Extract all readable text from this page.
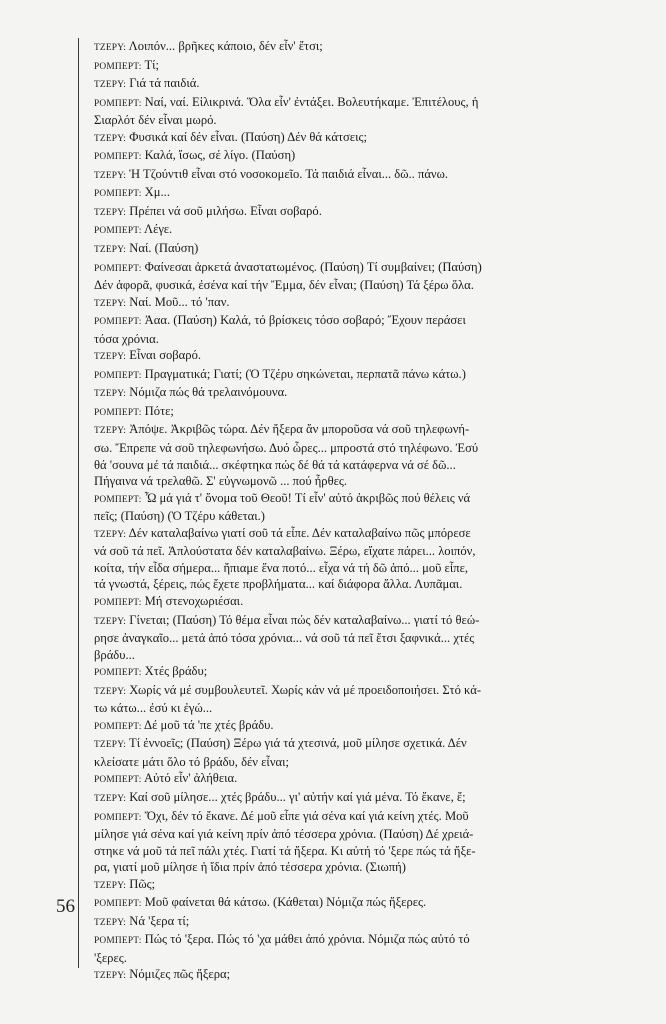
56
ΤΖΕΡΥ: Λοιπόν... βρῆκες κάποιο, δέν εἶν' ἔτσι;
ΡΟΜΠΕΡΤ: Τί;
ΤΖΕΡΥ: Γιά τά παιδιά.
ΡΟΜΠΕΡΤ: Ναί, ναί. Εἰλικρινά. Ὅλα εἶν' ἐντάξει. Βολευτήκαμε. Ἐπιτέλους, ἡ
Σιαρλότ δέν εἶναι μωρό.
ΤΖΕΡΥ: Φυσικά καί δέν εἶναι. (Παύση) Δέν θά κάτσεις;
ΡΟΜΠΕΡΤ: Καλά, ἴσως, σέ λίγο. (Παύση)
ΤΖΕΡΥ: Ἡ Τζούντιθ εἶναι στό νοσοκομεῖο. Τά παιδιά εἶναι... δῶ.. πάνω.
ΡΟΜΠΕΡΤ: Χμ...
ΤΖΕΡΥ: Πρέπει νά σοῦ μιλήσω. Εἶναι σοβαρό.
ΡΟΜΠΕΡΤ: Λέγε.
ΤΖΕΡΥ: Ναί. (Παύση)
ΡΟΜΠΕΡΤ: Φαίνεσαι ἀρκετά ἀναστατωμένος. (Παύση) Τί συμβαίνει; (Παύση)
Δέν ἀφορᾶ, φυσικά, ἐσένα καί τήν Ἔμμα, δέν εἶναι; (Παύση) Τά ξέρω ὅλα.
ΤΖΕΡΥ: Ναί. Μοῦ... τό 'παν.
ΡΟΜΠΕΡΤ: Ἀαα. (Παύση) Καλά, τό βρίσκεις τόσο σοβαρό; Ἔχουν περάσει
τόσα χρόνια.
ΤΖΕΡΥ: Εἶναι σοβαρό.
ΡΟΜΠΕΡΤ: Πραγματικά; Γιατί; (Ὁ Τζέρυ σηκώνεται, περπατᾶ πάνω κάτω.)
ΤΖΕΡΥ: Νόμιζα πώς θά τρελαινόμουνα.
ΡΟΜΠΕΡΤ: Πότε;
ΤΖΕΡΥ: Ἀπόψε. Ἀκριβῶς τώρα. Δέν ἤξερα ἄν μποροῦσα νά σοῦ τηλεφωνή-
σω. Ἔπρεπε νά σοῦ τηλεφωνήσω. Δυό ὧρες... μπροστά στό τηλέφωνο. Ἐσύ
θά 'σουνα μέ τά παιδιά... σκέφτηκα πώς δέ θά τά κατάφερνα νά σέ δῶ...
Πήγαινα νά τρελαθῶ. Σ' εὐγνωμονῶ ... πού ἦρθες.
ΡΟΜΠΕΡΤ: Ὦ μά γιά τ' ὄνομα τοῦ Θεοῦ! Τί εἶν' αὐτό ἀκριβῶς πού θέλεις νά
πεῖς; (Παύση) (Ὁ Τζέρυ κάθεται.)
ΤΖΕΡΥ: Δέν καταλαβαίνω γιατί σοῦ τά εἶπε. Δέν καταλαβαίνω πῶς μπόρεσε
νά σοῦ τά πεῖ. Ἁπλούστατα δέν καταλαβαίνω. Ξέρω, εἴχατε πάρει... λοιπόν,
κοίτα, τήν εἶδα σήμερα... ἤπιαμε ἕνα ποτό... εἶχα νά τή δῶ ἀπό... μοῦ εἶπε,
τά γνωστά, ξέρεις, πώς ἔχετε προβλήματα... καί διάφορα ἄλλα. Λυπᾶμαι.
ΡΟΜΠΕΡΤ: Μή στενοχωριέσαι.
ΤΖΕΡΥ: Γίνεται; (Παύση) Τό θέμα εἶναι πώς δέν καταλαβαίνω... γιατί τό θεώ-
ρησε ἀναγκαῖο... μετά ἀπό τόσα χρόνια... νά σοῦ τά πεῖ ἔτσι ξαφνικά... χτές
βράδυ...
ΡΟΜΠΕΡΤ: Χτές βράδυ;
ΤΖΕΡΥ: Χωρίς νά μέ συμβουλευτεῖ. Χωρίς κάν νά μέ προειδοποιήσει. Στό κά-
τω κάτω... ἐσύ κι ἐγώ...
ΡΟΜΠΕΡΤ: Δέ μοῦ τά 'πε χτές βράδυ.
ΤΖΕΡΥ: Τί ἐννοεῖς; (Παύση) Ξέρω γιά τά χτεσινά, μοῦ μίλησε σχετικά. Δέν
κλείσατε μάτι ὅλο τό βράδυ, δέν εἶναι;
ΡΟΜΠΕΡΤ: Αὐτό εἶν' ἀλήθεια.
ΤΖΕΡΥ: Καί σοῦ μίλησε... χτές βράδυ... γι' αὐτήν καί γιά μένα. Τό ἔκανε, ἔ;
ΡΟΜΠΕΡΤ: Ὄχι, δέν τό ἔκανε. Δέ μοῦ εἶπε γιά σένα καί γιά κείνη χτές. Μοῦ
μίλησε γιά σένα καί γιά κείνη πρίν ἀπό τέσσερα χρόνια. (Παύση) Δέ χρειά-
στηκε νά μοῦ τά πεῖ πάλι χτές. Γιατί τά ἤξερα. Κι αὐτή τό 'ξερε πώς τά ἤξε-
ρα, γιατί μοῦ μίλησε ἡ ἴδια πρίν ἀπό τέσσερα χρόνια. (Σιωπή)
ΤΖΕΡΥ: Πῶς;
ΡΟΜΠΕΡΤ: Μοῦ φαίνεται θά κάτσω. (Κάθεται) Νόμιζα πώς ἤξερες.
ΤΖΕΡΥ: Νά 'ξερα τί;
ΡΟΜΠΕΡΤ: Πώς τό 'ξερα. Πώς τό 'χα μάθει ἀπό χρόνια. Νόμιζα πώς αὐτό τό
'ξερες.
ΤΖΕΡΥ: Νόμιζες πῶς ἤξερα;
